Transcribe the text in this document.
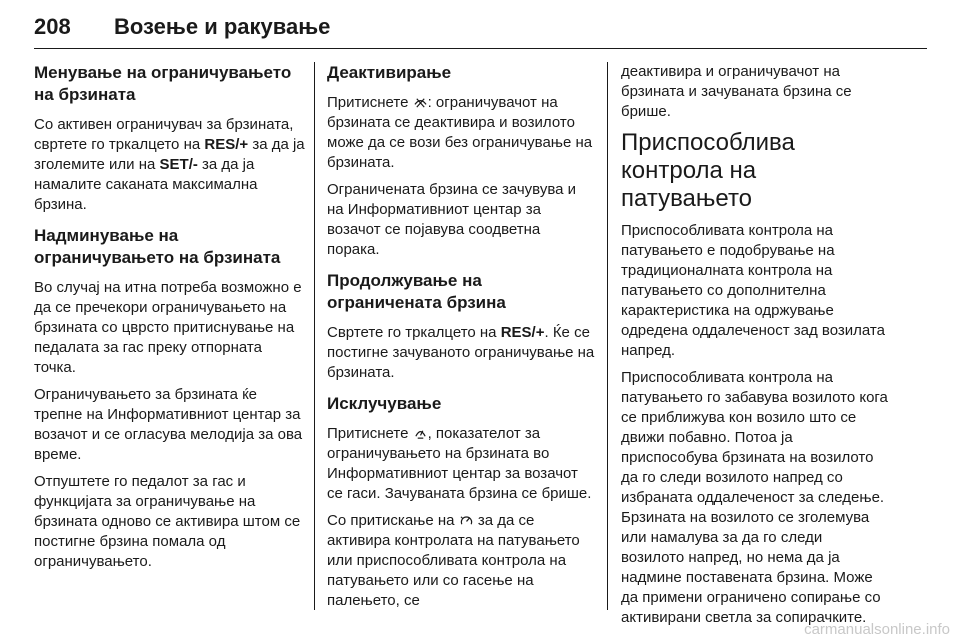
208 Возење и ракување
Менување на ограничувањето на брзината

Со активен ограничувач за брзината, свртете го тркалцето на RES/+ за да ја зголемите или на SET/- за да ја намалите саканата максимална брзина.

Надминување на ограничувањето на брзината

Во случај на итна потреба возможно е да се пречекори ограничувањето на брзината со цврсто притиснување на педалата за гас преку отпорната точка.

Ограничувањето за брзината ќе трепне на Информативниот центар за возачот и се огласува мелодија за ова време.

Отпуштете го педалот за гас и функцијата за ограничување на брзината одново се активира штом се постигне брзина помала од ограничувањето.

Деактивирање

Притиснете : ограничувачот на брзината се деактивира и возилото може да се вози без ограничување на брзината.

Ограничената брзина се зачувува и на Информативниот центар за возачот се појавува соодветна порака.

Продолжување на ограничената брзина

Свртете го тркалцето на RES/+. Ќе се постигне зачуваното ограничување на брзината.

Исклучување

Притиснете , показателот за ограничувањето на брзината во Информативниот центар за возачот се гаси. Зачуваната брзина се брише.

Со притискање на  за да се активира контролата на патувањето или приспособливата контрола на патувањето или со гасење на палењето, се

деактивира и ограничувачот на брзината и зачуваната брзина се брише.

Приспособлива контрола на патувањето

Приспособливата контрола на патувањето е подобрување на традиционалната контрола на патувањето со дополнителна карактеристика на одржување одредена оддалеченост зад возилата напред.

Приспособливата контрола на патувањето го забавува возилото кога се приближува кон возило што се движи побавно. Потоа ја приспособува брзината на возилото да го следи возилото напред со избраната оддалеченост за следење. Брзината на возилото се зголемува или намалува за да го следи возилото напред, но нема да ја надмине поставената брзина. Може да примени ограничено сопирање со активирани светла за сопирачките.

carmanualsonline.info
